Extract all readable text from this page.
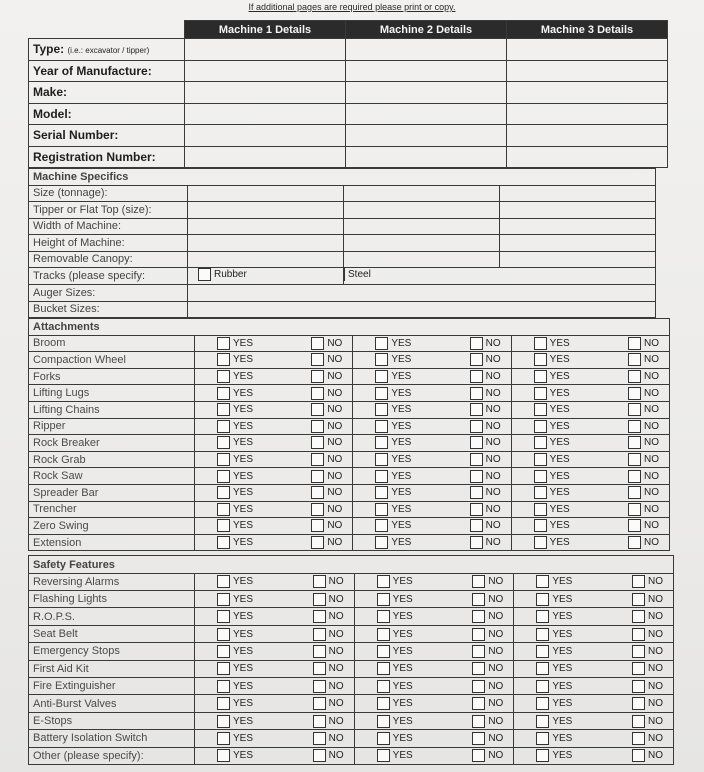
If additional pages are required please print or copy.
	Machine 1 Details	Machine 2 Details	Machine 3 Details
Type: (i.e.: excavator / tipper)			
Year of Manufacture:			
Make:			
Model:			
Serial Number:			
Registration Number:			
Machine Specifics			
Size (tonnage):			
Tipper or Flat Top (size):			
Width of Machine:			
Height of Machine:			
Removable Canopy:			
Tracks (please specify:	Rubber	Steel	

Auger Sizes:			
Bucket Sizes:			
Attachments			
Broom	YES NO	YES NO	YES NO

Compaction Wheel	YES NO	YES NO	YES NO

Forks	YES NO	YES NO	YES NO

Lifting Lugs	YES NO	YES NO	YES NO

Lifting Chains	YES NO	YES NO	YES NO

Ripper	YES NO	YES NO	YES NO

Rock Breaker	YES NO	YES NO	YES NO

Rock Grab	YES NO	YES NO	YES NO

Rock Saw	YES NO	YES NO	YES NO

Spreader Bar	YES NO	YES NO	YES NO

Trencher	YES NO	YES NO	YES NO

Zero Swing	YES NO	YES NO	YES NO

Extension	YES NO	YES NO	YES NO
Safety Features			
Reversing Alarms	YES NO	YES NO	YES NO

Flashing Lights	YES NO	YES NO	YES NO

R.O.P.S.	YES NO	YES NO	YES NO

Seat Belt	YES NO	YES NO	YES NO

Emergency Stops	YES NO	YES NO	YES NO

First Aid Kit	YES NO	YES NO	YES NO

Fire Extinguisher	YES NO	YES NO	YES NO

Anti-Burst Valves	YES NO	YES NO	YES NO

E-Stops	YES NO	YES NO	YES NO

Battery Isolation Switch	YES NO	YES NO	YES NO

Other (please specify):	YES NO	YES NO	YES NO
